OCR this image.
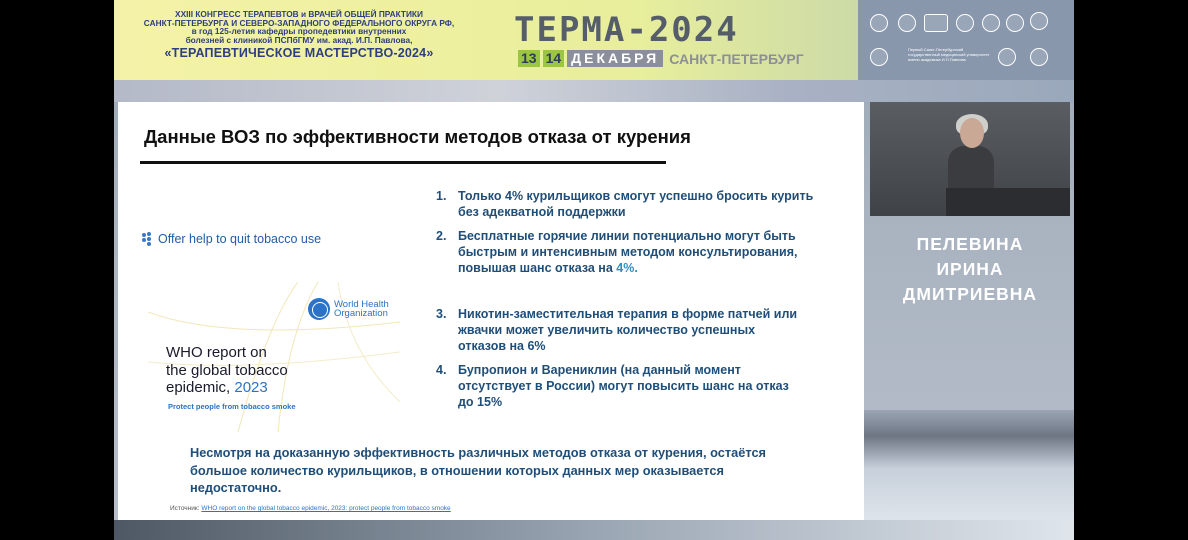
XXIII КОНГРЕСС ТЕРАПЕВТОВ и ВРАЧЕЙ ОБЩЕЙ ПРАКТИКИ
САНКТ-ПЕТЕРБУРГА И СЕВЕРО-ЗАПАДНОГО ФЕДЕРАЛЬНОГО ОКРУГА РФ,
в год 125-летия кафедры пропедевтики внутренних
болезней с клиникой ПСПбГМУ им. акад. И.П. Павлова,
«ТЕРАПЕВТИЧЕСКОЕ МАСТЕРСТВО-2024»
ТЕРМА-2024
13 14 ДЕКАБРЯ САНКТ-ПЕТЕРБУРГ
Первый Санкт-Петербургский государственный медицинский университет имени академика И.П.Павлова
Данные ВОЗ по эффективности методов отказа от курения
Offer help to quit tobacco use
World Health
Organization
WHO report on
the global tobacco
epidemic, 2023
Protect people from tobacco smoke
1. Только 4% курильщиков смогут успешно бросить курить
без адекватной поддержки
2. Бесплатные горячие линии потенциально могут быть
быстрым и интенсивным методом консультирования,
повышая шанс отказа на 4%.
3. Никотин-заместительная терапия в форме патчей или
жвачки может увеличить количество успешных
отказов на 6%
4. Бупропион и Варениклин (на данный момент
отсутствует в России) могут повысить шанс на отказ
до 15%
Несмотря на доказанную эффективность различных методов отказа от курения, остаётся
большое количество курильщиков, в отношении которых данных мер оказывается
недостаточно.
Источник: WHO report on the global tobacco epidemic, 2023: protect people from tobacco smoke
ПЕЛЕВИНА
ИРИНА
ДМИТРИЕВНА
